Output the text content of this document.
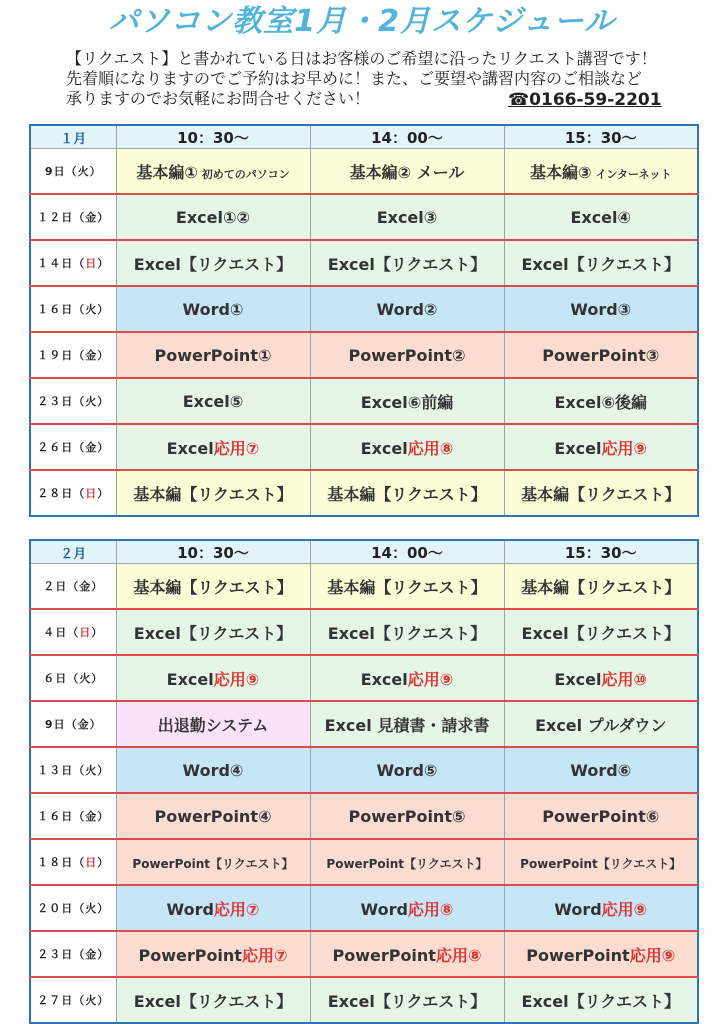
パソコン教室1月・2月スケジュール
【リクエスト】と書かれている日はお客様のご希望に沿ったリクエスト講習です！
先着順になりますのでご予約はお早めに！また、ご要望や講習内容のご相談など
承りますのでお気軽にお問合せください！	☎0166-59-2201
１月	10：30～	14：00～	15：30～
9日（火）	基本編① 初めてのパソコン	基本編② メール	基本編③ インターネット
１２日（金）	Excel①②	Excel③	Excel④
１４日（日）	Excel【リクエスト】	Excel【リクエスト】	Excel【リクエスト】
１６日（火）	Word①	Word②	Word③
１９日（金）	PowerPoint①	PowerPoint②	PowerPoint③
２３日（火）	Excel⑤	Excel⑥前編	Excel⑥後編
２６日（金）	Excel応用⑦	Excel応用⑧	Excel応用⑨
２８日（日）	基本編【リクエスト】	基本編【リクエスト】	基本編【リクエスト】
２月	10：30～	14：00～	15：30～
２日（金）	基本編【リクエスト】	基本編【リクエスト】	基本編【リクエスト】
４日（日）	Excel【リクエスト】	Excel【リクエスト】	Excel【リクエスト】
６日（火）	Excel応用⑨	Excel応用⑨	Excel応用⑩
9日（金）	出退勤システム	Excel 見積書・請求書	Excel プルダウン
１３日（火）	Word④	Word⑤	Word⑥
１６日（金）	PowerPoint④	PowerPoint⑤	PowerPoint⑥
１８日（日）	PowerPoint【リクエスト】	PowerPoint【リクエスト】	PowerPoint【リクエスト】
２０日（火）	Word応用⑦	Word応用⑧	Word応用⑨
２３日（金）	PowerPoint応用⑦	PowerPoint応用⑧	PowerPoint応用⑨
２７日（火）	Excel【リクエスト】	Excel【リクエスト】	Excel【リクエスト】
